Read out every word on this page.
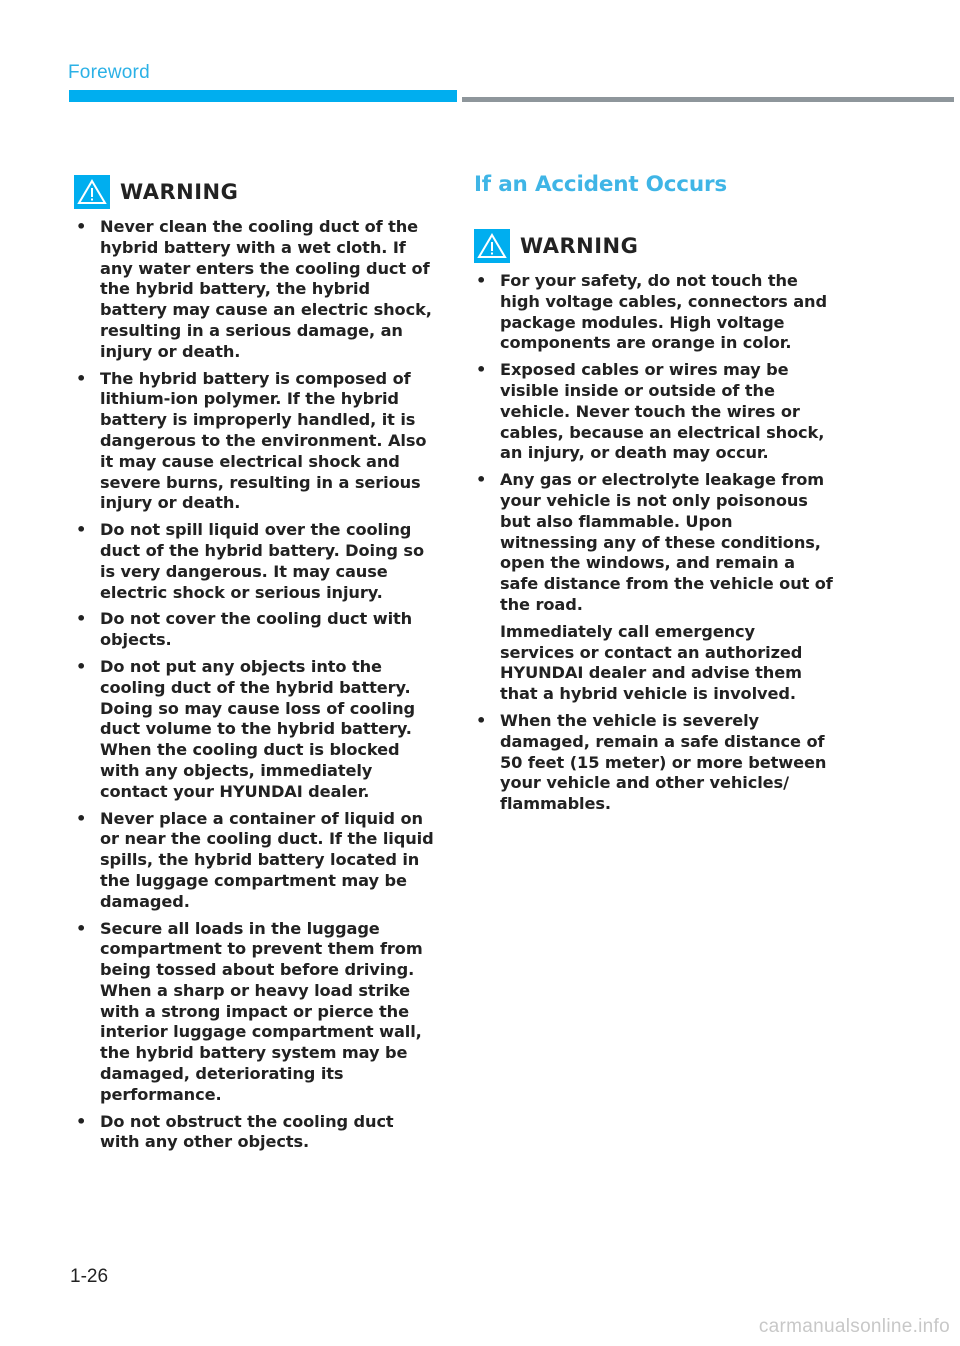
Foreword
WARNING
• Never clean the cooling duct of the hybrid battery with a wet cloth. If any water enters the cooling duct of the hybrid battery, the hybrid battery may cause an electric shock, resulting in a serious damage, an injury or death.
• The hybrid battery is composed of lithium-ion polymer. If the hybrid battery is improperly handled, it is dangerous to the environment. Also it may cause electrical shock and severe burns, resulting in a serious injury or death.
• Do not spill liquid over the cooling duct of the hybrid battery. Doing so is very dangerous. It may cause electric shock or serious injury.
• Do not cover the cooling duct with objects.
• Do not put any objects into the cooling duct of the hybrid battery. Doing so may cause loss of cooling duct volume to the hybrid battery. When the cooling duct is blocked with any objects, immediately contact your HYUNDAI dealer.
• Never place a container of liquid on or near the cooling duct. If the liquid spills, the hybrid battery located in the luggage compartment may be damaged.
• Secure all loads in the luggage compartment to prevent them from being tossed about before driving. When a sharp or heavy load strike with a strong impact or pierce the interior luggage compartment wall, the hybrid battery system may be damaged, deteriorating its performance.
• Do not obstruct the cooling duct with any other objects.
If an Accident Occurs
WARNING
• For your safety, do not touch the high voltage cables, connectors and package modules. High voltage components are orange in color.
• Exposed cables or wires may be visible inside or outside of the vehicle. Never touch the wires or cables, because an electrical shock, an injury, or death may occur.
• Any gas or electrolyte leakage from your vehicle is not only poisonous but also flammable. Upon witnessing any of these conditions, open the windows, and remain a safe distance from the vehicle out of the road.
Immediately call emergency services or contact an authorized HYUNDAI dealer and advise them that a hybrid vehicle is involved.
• When the vehicle is severely damaged, remain a safe distance of 50 feet (15 meter) or more between your vehicle and other vehicles/ flammables.
1-26
carmanualsonline.info
